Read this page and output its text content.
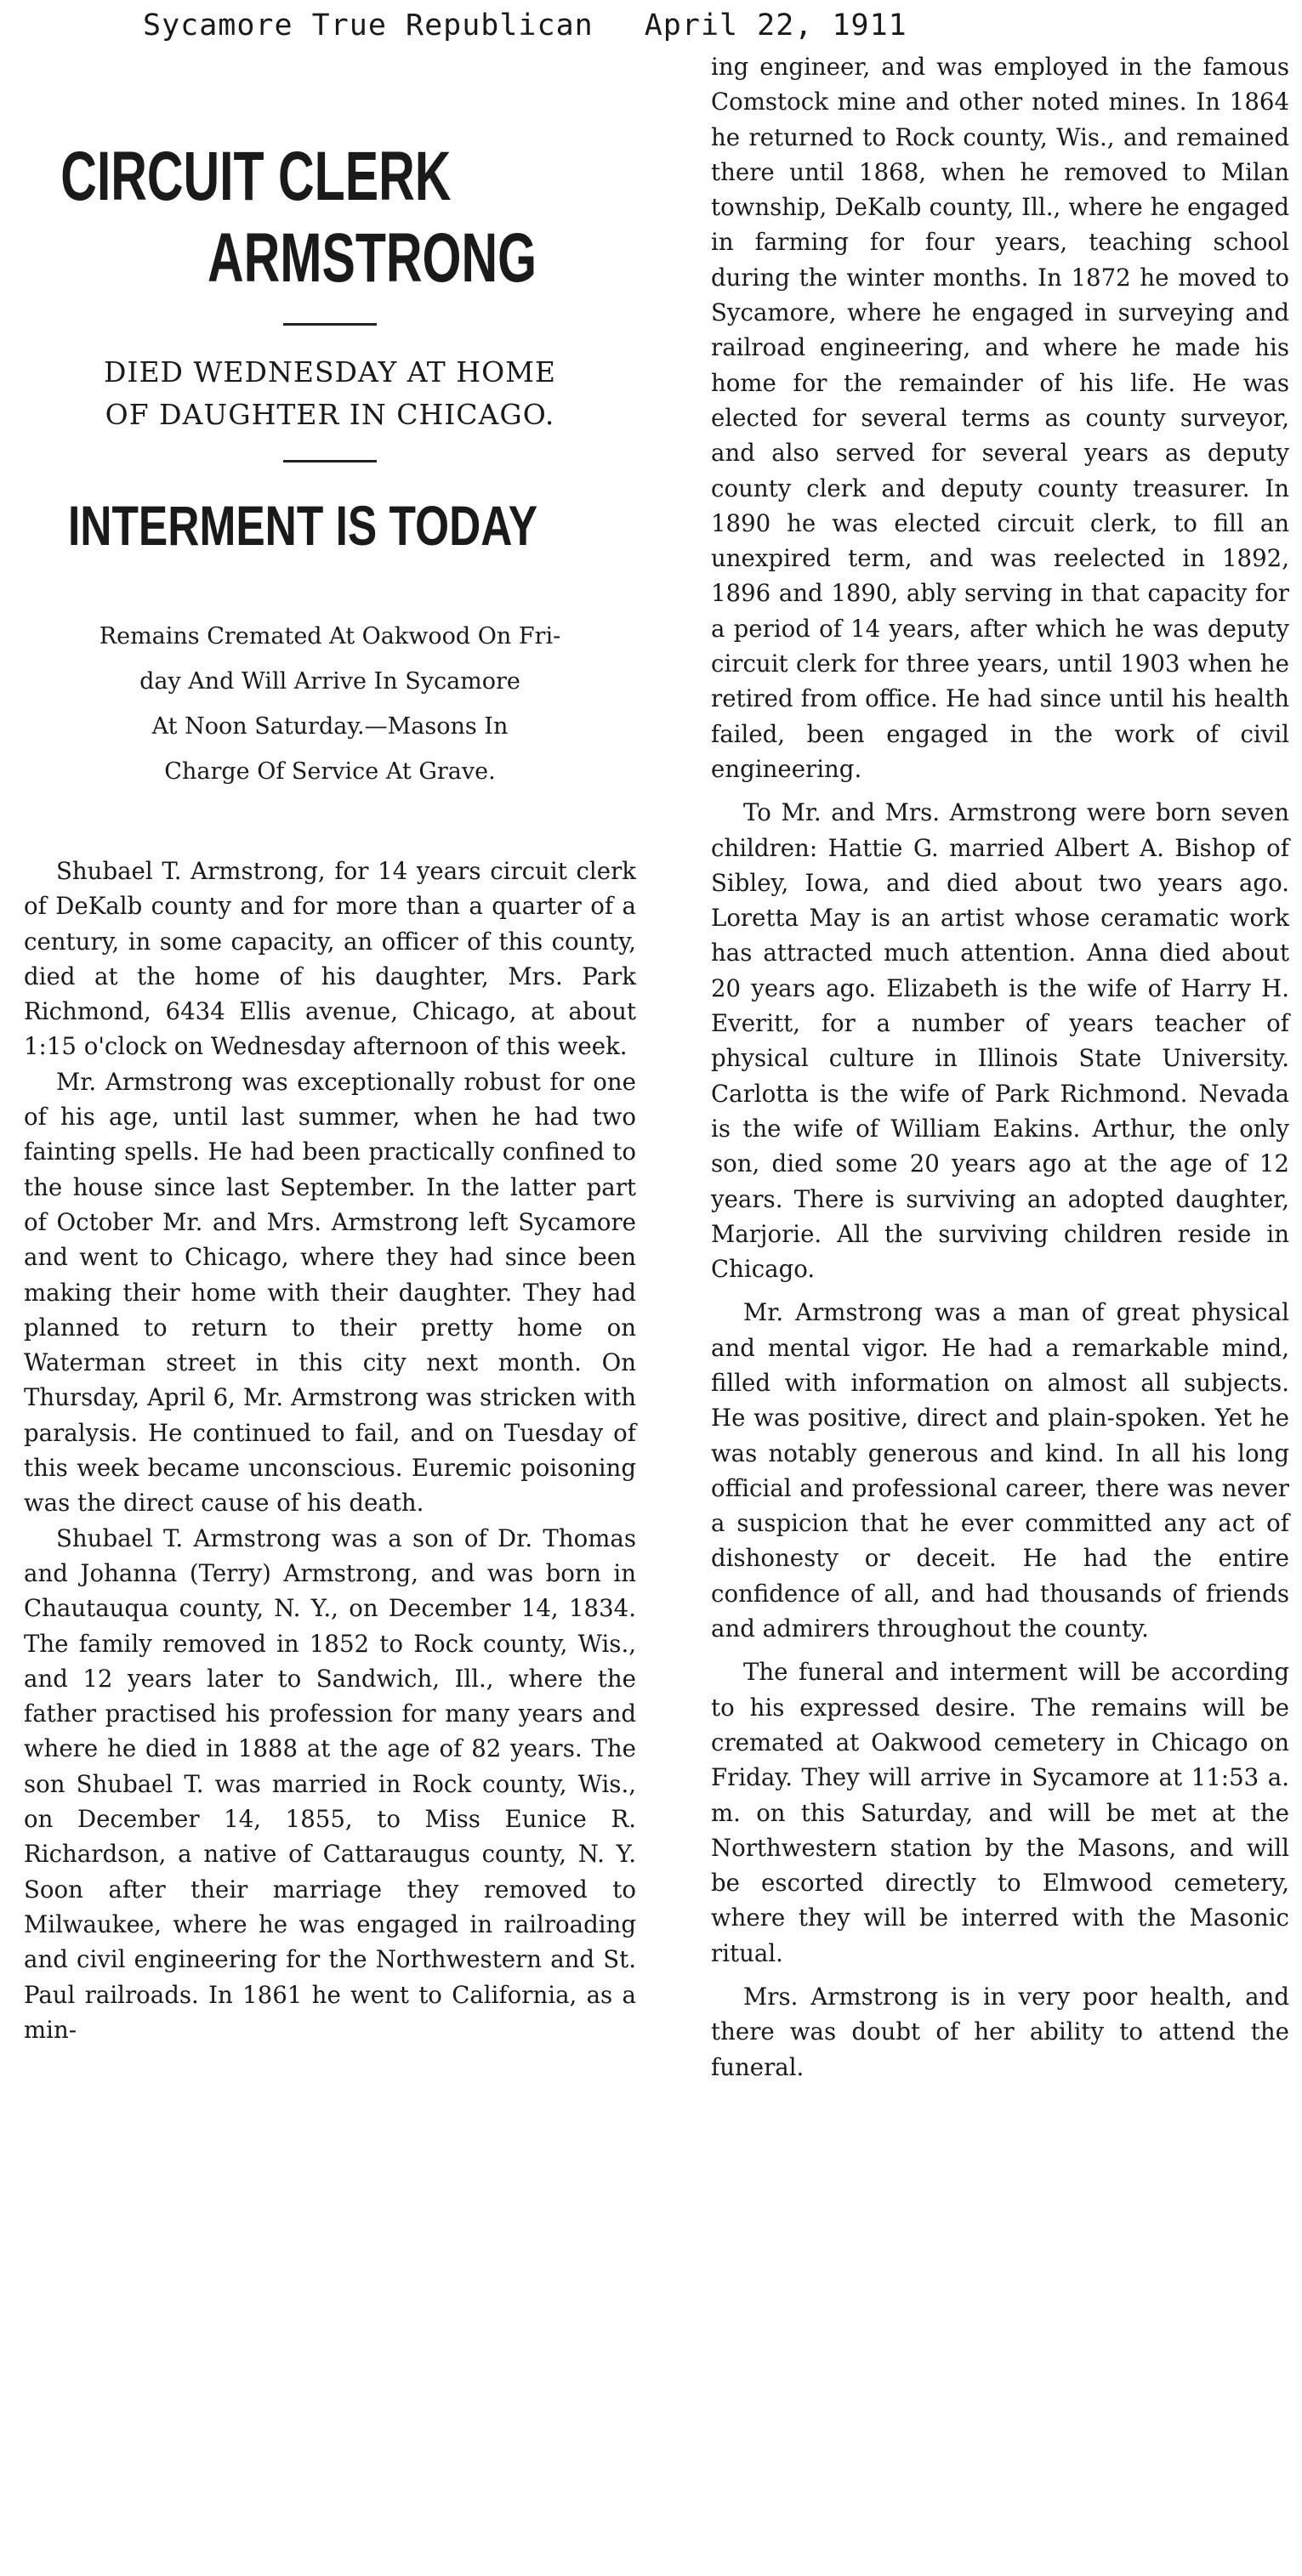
Sycamore True Republican April 22, 1911
CIRCUIT CLERK
ARMSTRONG
DIED WEDNESDAY AT HOME
OF DAUGHTER IN CHICAGO.
INTERMENT IS TODAY
Remains Cremated At Oakwood On Fri-
day And Will Arrive In Sycamore
At Noon Saturday.—Masons In
Charge Of Service At Grave.

Shubael T. Armstrong, for 14 years circuit clerk of DeKalb county and for more than a quarter of a century, in some capacity, an officer of this county, died at the home of his daughter, Mrs. Park Richmond, 6434 Ellis avenue, Chicago, at about 1:15 o'clock on Wednesday afternoon of this week.

Mr. Armstrong was exceptionally robust for one of his age, until last summer, when he had two fainting spells. He had been practically confined to the house since last September. In the latter part of October Mr. and Mrs. Armstrong left Sycamore and went to Chicago, where they had since been making their home with their daughter. They had planned to return to their pretty home on Waterman street in this city next month. On Thursday, April 6, Mr. Armstrong was stricken with paralysis. He continued to fail, and on Tuesday of this week became unconscious. Euremic poisoning was the direct cause of his death.

Shubael T. Armstrong was a son of Dr. Thomas and Johanna (Terry) Armstrong, and was born in Chautauqua county, N. Y., on December 14, 1834. The family removed in 1852 to Rock county, Wis., and 12 years later to Sandwich, Ill., where the father practised his profession for many years and where he died in 1888 at the age of 82 years. The son Shubael T. was married in Rock county, Wis., on December 14, 1855, to Miss Eunice R. Richardson, a native of Cattaraugus county, N. Y. Soon after their marriage they removed to Milwaukee, where he was engaged in railroading and civil engineering for the Northwestern and St. Paul railroads. In 1861 he went to California, as a min-

ing engineer, and was employed in the famous Comstock mine and other noted mines. In 1864 he returned to Rock county, Wis., and remained there until 1868, when he removed to Milan township, DeKalb county, Ill., where he engaged in farming for four years, teaching school during the winter months. In 1872 he moved to Sycamore, where he engaged in surveying and railroad engineering, and where he made his home for the remainder of his life. He was elected for several terms as county surveyor, and also served for several years as deputy county clerk and deputy county treasurer. In 1890 he was elected circuit clerk, to fill an unexpired term, and was reelected in 1892, 1896 and 1890, ably serving in that capacity for a period of 14 years, after which he was deputy circuit clerk for three years, until 1903 when he retired from office. He had since until his health failed, been engaged in the work of civil engineering.

To Mr. and Mrs. Armstrong were born seven children: Hattie G. married Albert A. Bishop of Sibley, Iowa, and died about two years ago. Loretta May is an artist whose ceramatic work has attracted much attention. Anna died about 20 years ago. Elizabeth is the wife of Harry H. Everitt, for a number of years teacher of physical culture in Illinois State University. Carlotta is the wife of Park Richmond. Nevada is the wife of William Eakins. Arthur, the only son, died some 20 years ago at the age of 12 years. There is surviving an adopted daughter, Marjorie. All the surviving children reside in Chicago.

Mr. Armstrong was a man of great physical and mental vigor. He had a remarkable mind, filled with information on almost all subjects. He was positive, direct and plain-spoken. Yet he was notably generous and kind. In all his long official and professional career, there was never a suspicion that he ever committed any act of dishonesty or deceit. He had the entire confidence of all, and had thousands of friends and admirers throughout the county.

The funeral and interment will be according to his expressed desire. The remains will be cremated at Oakwood cemetery in Chicago on Friday. They will arrive in Sycamore at 11:53 a. m. on this Saturday, and will be met at the Northwestern station by the Masons, and will be escorted directly to Elmwood cemetery, where they will be interred with the Masonic ritual.

Mrs. Armstrong is in very poor health, and there was doubt of her ability to attend the funeral.
